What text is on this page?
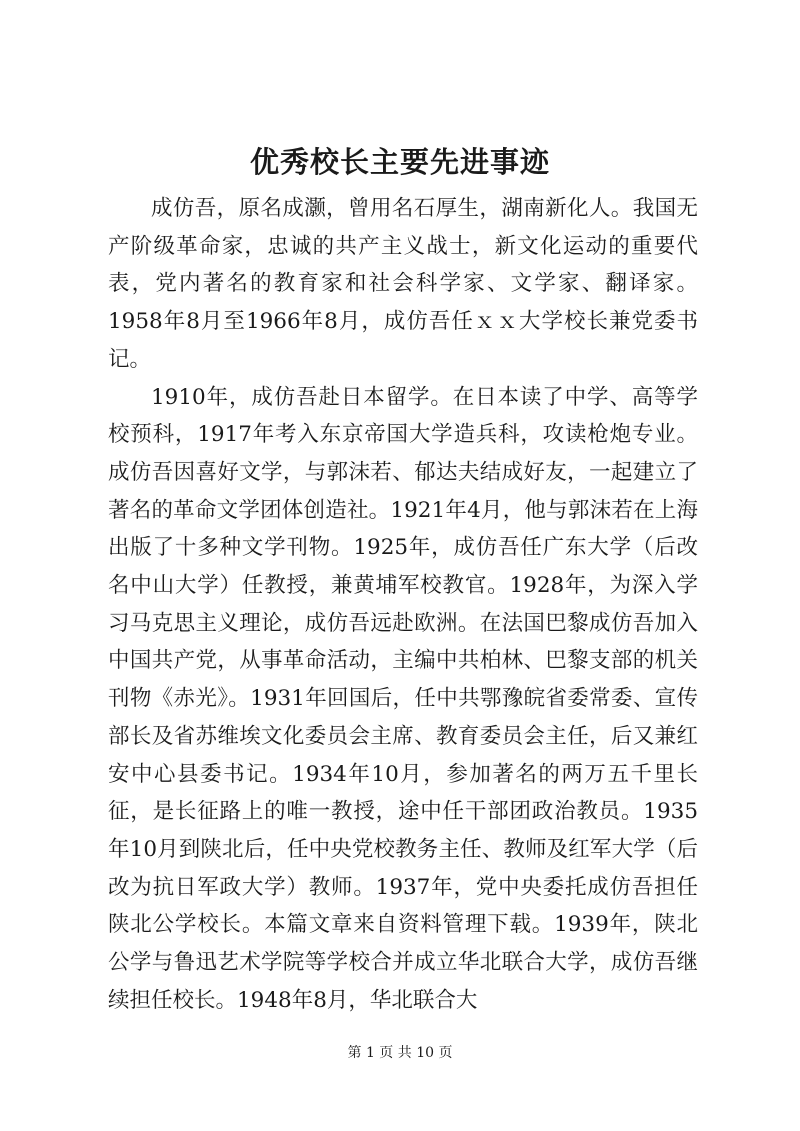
优秀校长主要先进事迹

成仿吾，原名成灏，曾用名石厚生，湖南新化人。我国无产阶级革命家，忠诚的共产主义战士，新文化运动的重要代表，党内著名的教育家和社会科学家、文学家、翻译家。1958年8月至1966年8月，成仿吾任ｘｘ大学校长兼党委书记。

1910年，成仿吾赴日本留学。在日本读了中学、高等学校预科，1917年考入东京帝国大学造兵科，攻读枪炮专业。成仿吾因喜好文学，与郭沫若、郁达夫结成好友，一起建立了著名的革命文学团体创造社。1921年4月，他与郭沫若在上海出版了十多种文学刊物。1925年，成仿吾任广东大学（后改名中山大学）任教授，兼黄埔军校教官。1928年，为深入学习马克思主义理论，成仿吾远赴欧洲。在法国巴黎成仿吾加入中国共产党，从事革命活动，主编中共柏林、巴黎支部的机关刊物《赤光》。1931年回国后，任中共鄂豫皖省委常委、宣传部长及省苏维埃文化委员会主席、教育委员会主任，后又兼红安中心县委书记。1934年10月，参加著名的两万五千里长征，是长征路上的唯一教授，途中任干部团政治教员。1935年10月到陕北后，任中央党校教务主任、教师及红军大学（后改为抗日军政大学）教师。1937年，党中央委托成仿吾担任陕北公学校长。本篇文章来自资料管理下载。1939年，陕北公学与鲁迅艺术学院等学校合并成立华北联合大学，成仿吾继续担任校长。1948年8月，华北联合大

第 1 页 共 10 页
